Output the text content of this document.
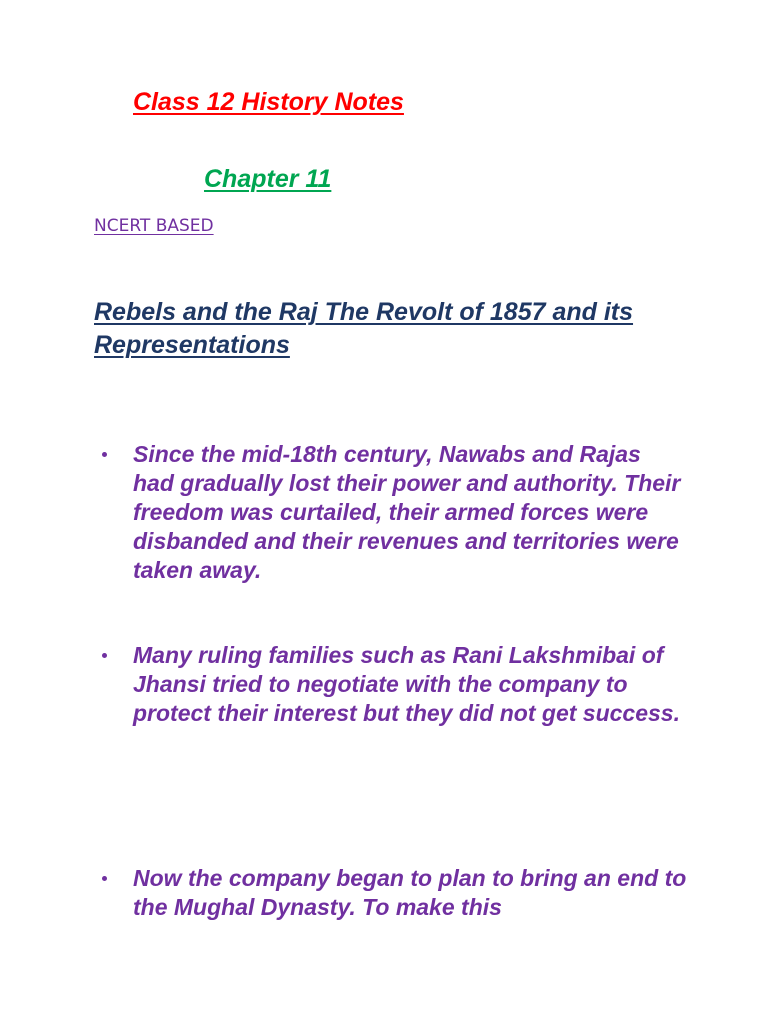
Class 12 History Notes
Chapter 11
NCERT BASED
Rebels and the Raj The Revolt of 1857 and its Representations

Since the mid-18th century, Nawabs and Rajas had gradually lost their power and authority. Their freedom was curtailed, their armed forces were disbanded and their revenues and territories were taken away.

Many ruling families such as Rani Lakshmibai of Jhansi tried to negotiate with the company to protect their interest but they did not get success.

Now the company began to plan to bring an end to the Mughal Dynasty. To make this
